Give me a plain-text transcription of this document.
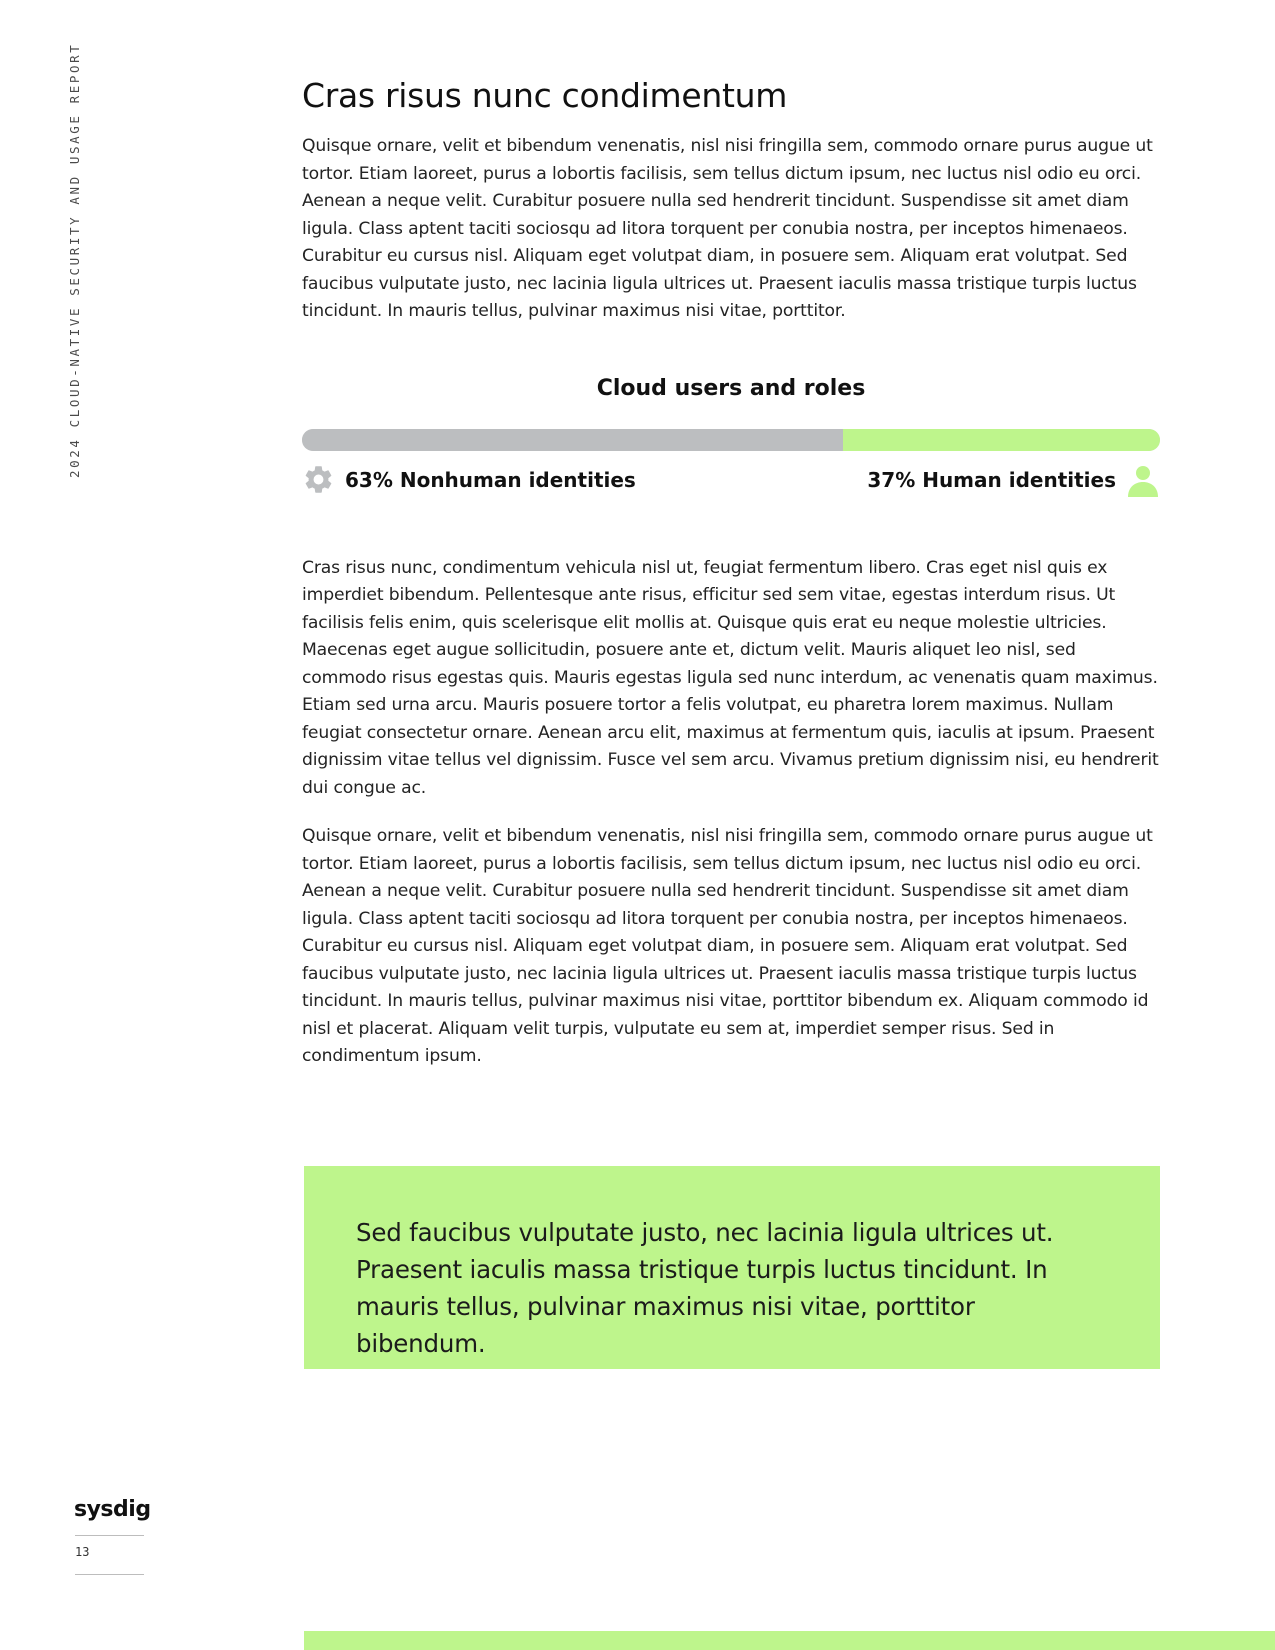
2024 CLOUD-NATIVE SECURITY AND USAGE REPORT	Cras risus nunc condimentum

Quisque ornare, velit et bibendum venenatis, nisl nisi fringilla sem, commodo ornare purus augue ut tortor. Etiam laoreet, purus a lobortis facilisis, sem tellus dictum ipsum, nec luctus nisl odio eu orci. Aenean a neque velit. Curabitur posuere nulla sed hendrerit tincidunt. Suspendisse sit amet diam ligula. Class aptent taciti sociosqu ad litora torquent per conubia nostra, per inceptos himenaeos. Curabitur eu cursus nisl. Aliquam eget volutpat diam, in posuere sem. Aliquam erat volutpat. Sed faucibus vulputate justo, nec lacinia ligula ultrices ut. Praesent iaculis massa tristique turpis luctus tincidunt. In mauris tellus, pulvinar maximus nisi vitae, porttitor.

Cloud users and roles
63% Nonhuman identities	37% Human identities

Cras risus nunc, condimentum vehicula nisl ut, feugiat fermentum libero. Cras eget nisl quis ex imperdiet bibendum. Pellentesque ante risus, efficitur sed sem vitae, egestas interdum risus. Ut facilisis felis enim, quis scelerisque elit mollis at. Quisque quis erat eu neque molestie ultricies. Maecenas eget augue sollicitudin, posuere ante et, dictum velit. Mauris aliquet leo nisl, sed commodo risus egestas quis. Mauris egestas ligula sed nunc interdum, ac venenatis quam maximus. Etiam sed urna arcu. Mauris posuere tortor a felis volutpat, eu pharetra lorem maximus. Nullam feugiat consectetur ornare. Aenean arcu elit, maximus at fermentum quis, iaculis at ipsum. Praesent dignissim vitae tellus vel dignissim. Fusce vel sem arcu. Vivamus pretium dignissim nisi, eu hendrerit dui congue ac.

Quisque ornare, velit et bibendum venenatis, nisl nisi fringilla sem, commodo ornare purus augue ut tortor. Etiam laoreet, purus a lobortis facilisis, sem tellus dictum ipsum, nec luctus nisl odio eu orci. Aenean a neque velit. Curabitur posuere nulla sed hendrerit tincidunt. Suspendisse sit amet diam ligula. Class aptent taciti sociosqu ad litora torquent per conubia nostra, per inceptos himenaeos. Curabitur eu cursus nisl. Aliquam eget volutpat diam, in posuere sem. Aliquam erat volutpat. Sed faucibus vulputate justo, nec lacinia ligula ultrices ut. Praesent iaculis massa tristique turpis luctus tincidunt. In mauris tellus, pulvinar maximus nisi vitae, porttitor bibendum ex. Aliquam commodo id nisl et placerat. Aliquam velit turpis, vulputate eu sem at, imperdiet semper risus. Sed in condimentum ipsum.

Sed faucibus vulputate justo, nec lacinia ligula ultrices ut. Praesent iaculis massa tristique turpis luctus tincidunt. In mauris tellus, pulvinar maximus nisi vitae, porttitor bibendum.

sysdig
13
